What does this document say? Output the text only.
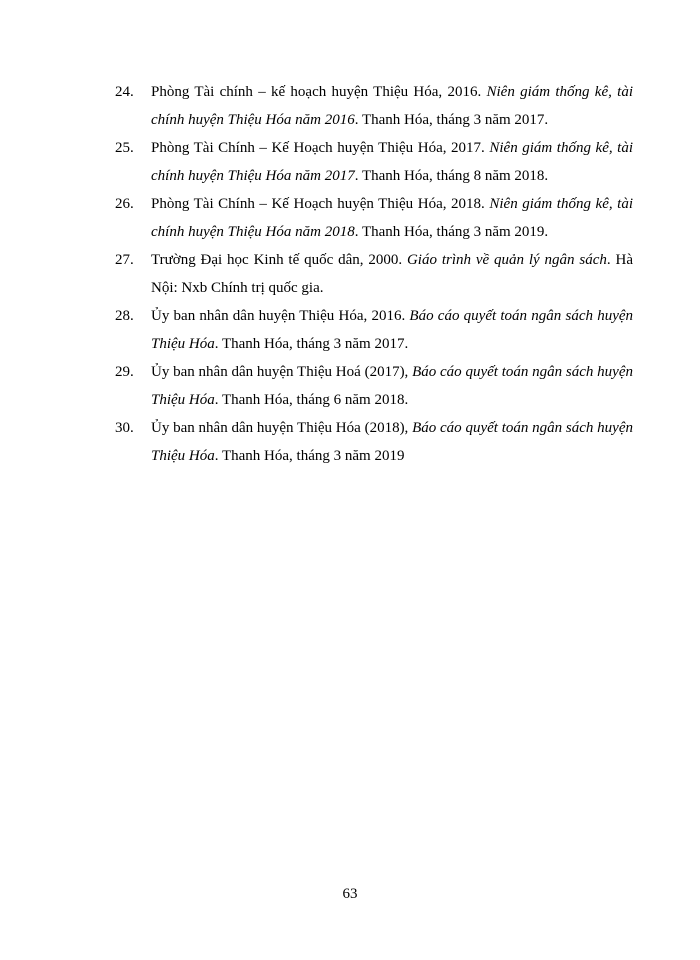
24.	Phòng Tài chính – kế hoạch huyện Thiệu Hóa, 2016. Niên giám thống kê, tài chính huyện Thiệu Hóa năm 2016. Thanh Hóa, tháng 3 năm 2017.
25.	Phòng Tài Chính – Kế Hoạch huyện Thiệu Hóa, 2017. Niên giám thống kê, tài chính huyện Thiệu Hóa năm 2017. Thanh Hóa, tháng 8 năm 2018.
26.	Phòng Tài Chính – Kế Hoạch huyện Thiệu Hóa, 2018. Niên giám thống kê, tài chính huyện Thiệu Hóa năm 2018. Thanh Hóa, tháng 3 năm 2019.
27.	Trường Đại học Kinh tế quốc dân, 2000. Giáo trình về quản lý ngân sách. Hà Nội: Nxb Chính trị quốc gia.
28.	Ủy ban nhân dân huyện Thiệu Hóa, 2016. Báo cáo quyết toán ngân sách huyện Thiệu Hóa. Thanh Hóa, tháng 3 năm 2017.
29.	Ủy ban nhân dân huyện Thiệu Hoá (2017), Báo cáo quyết toán ngân sách huyện Thiệu Hóa. Thanh Hóa, tháng 6 năm 2018.
30.	Ủy ban nhân dân huyện Thiệu Hóa (2018), Báo cáo quyết toán ngân sách huyện Thiệu Hóa. Thanh Hóa, tháng 3 năm 2019
63
